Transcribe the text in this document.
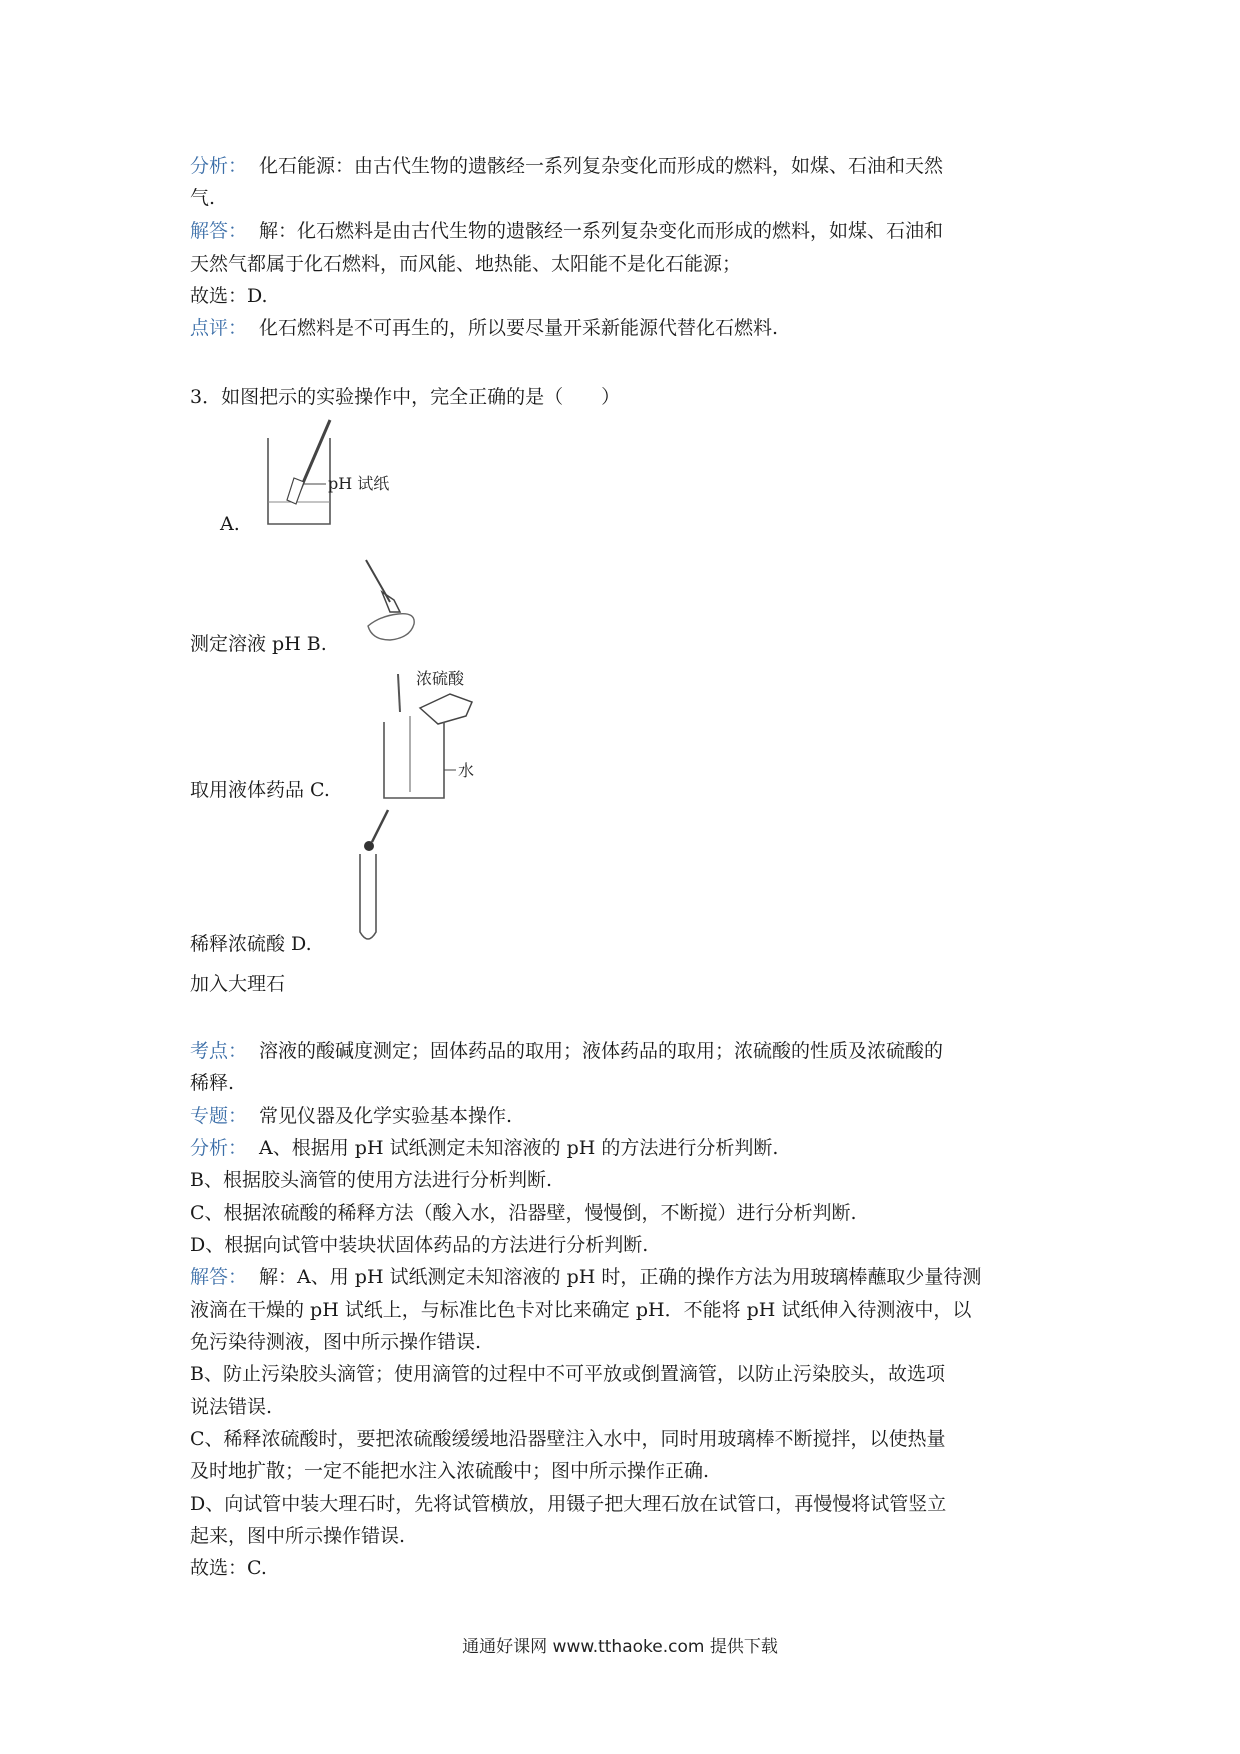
分析： 化石能源：由古代生物的遗骸经一系列复杂变化而形成的燃料，如煤、石油和天然
气.
解答： 解：化石燃料是由古代生物的遗骸经一系列复杂变化而形成的燃料，如煤、石油和
天然气都属于化石燃料，而风能、地热能、太阳能不是化石能源；
故选：D.
点评： 化石燃料是不可再生的，所以要尽量开采新能源代替化石燃料.
3．如图把示的实验操作中，完全正确的是（　　）
pH 试纸
A.
测定溶液 pH B.
浓硫酸
水
取用液体药品 C.
稀释浓硫酸 D.
加入大理石
考点： 溶液的酸碱度测定；固体药品的取用；液体药品的取用；浓硫酸的性质及浓硫酸的
稀释.
专题： 常见仪器及化学实验基本操作.
分析： A、根据用 pH 试纸测定未知溶液的 pH 的方法进行分析判断.
B、根据胶头滴管的使用方法进行分析判断.
C、根据浓硫酸的稀释方法（酸入水，沿器壁，慢慢倒，不断搅）进行分析判断.
D、根据向试管中装块状固体药品的方法进行分析判断.
解答： 解：A、用 pH 试纸测定未知溶液的 pH 时，正确的操作方法为用玻璃棒蘸取少量待测
液滴在干燥的 pH 试纸上，与标准比色卡对比来确定 pH．不能将 pH 试纸伸入待测液中，以
免污染待测液，图中所示操作错误.
B、防止污染胶头滴管；使用滴管的过程中不可平放或倒置滴管，以防止污染胶头，故选项
说法错误.
C、稀释浓硫酸时，要把浓硫酸缓缓地沿器壁注入水中，同时用玻璃棒不断搅拌，以使热量
及时地扩散；一定不能把水注入浓硫酸中；图中所示操作正确.
D、向试管中装大理石时，先将试管横放，用镊子把大理石放在试管口，再慢慢将试管竖立
起来，图中所示操作错误.
故选：C.
通通好课网 www.tthaoke.com 提供下载
